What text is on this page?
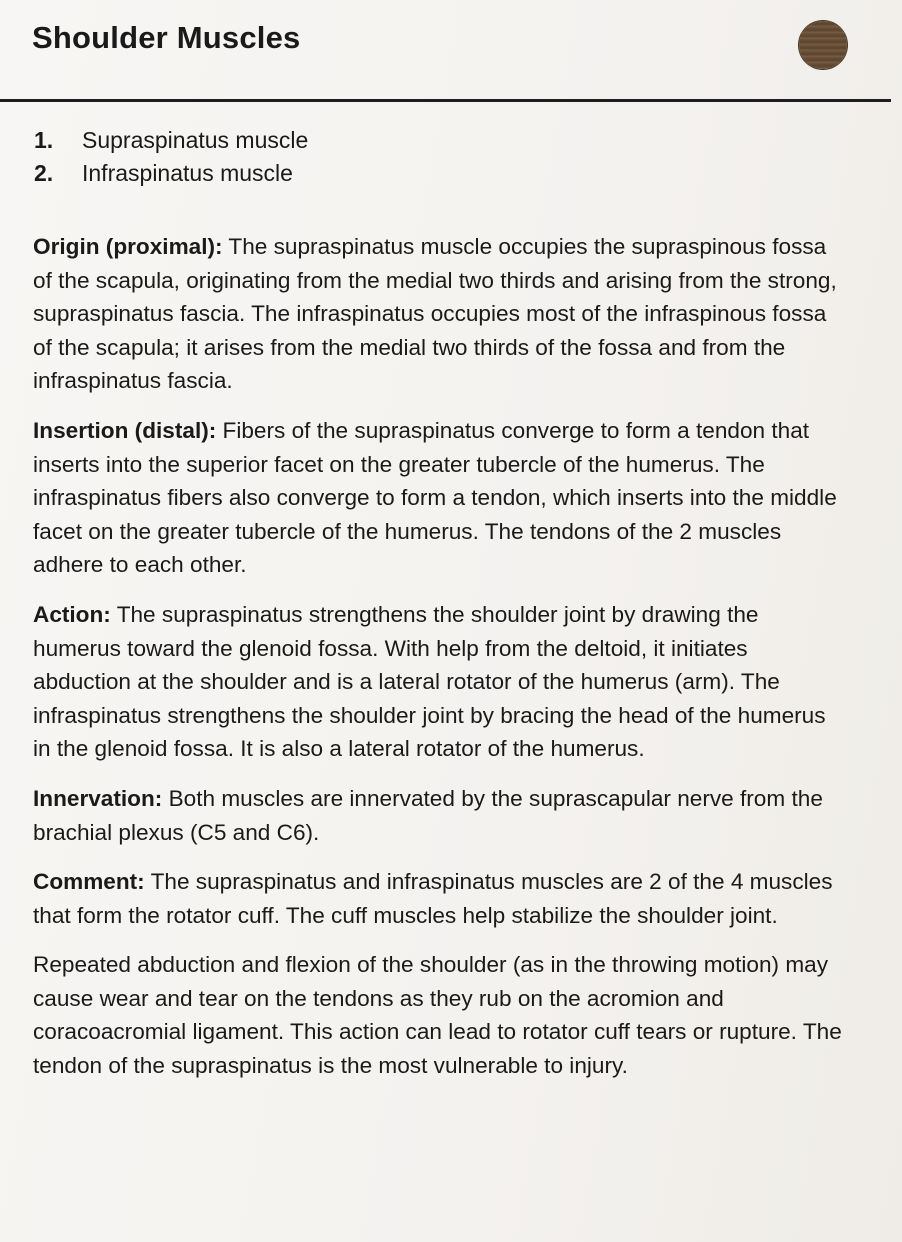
Shoulder Muscles
1.	Supraspinatus muscle
2.	Infraspinatus muscle

Origin (proximal): The supraspinatus muscle occupies the supraspinous fossa of the scapula, originating from the medial two thirds and arising from the strong, supraspinatus fascia. The infraspinatus occupies most of the infraspinous fossa of the scapula; it arises from the medial two thirds of the fossa and from the infraspinatus fascia.

Insertion (distal): Fibers of the supraspinatus converge to form a tendon that inserts into the superior facet on the greater tubercle of the humerus. The infraspinatus fibers also converge to form a tendon, which inserts into the middle facet on the greater tubercle of the humerus. The tendons of the 2 muscles adhere to each other.

Action: The supraspinatus strengthens the shoulder joint by drawing the humerus toward the glenoid fossa. With help from the deltoid, it initiates abduction at the shoulder and is a lateral rotator of the humerus (arm). The infraspinatus strengthens the shoulder joint by bracing the head of the humerus in the glenoid fossa. It is also a lateral rotator of the humerus.

Innervation: Both muscles are innervated by the suprascapular nerve from the brachial plexus (C5 and C6).

Comment: The supraspinatus and infraspinatus muscles are 2 of the 4 muscles that form the rotator cuff. The cuff muscles help stabilize the shoulder joint.

Repeated abduction and flexion of the shoulder (as in the throwing motion) may cause wear and tear on the tendons as they rub on the acromion and coracoacromial ligament. This action can lead to rotator cuff tears or rupture. The tendon of the supraspinatus is the most vulnerable to injury.
